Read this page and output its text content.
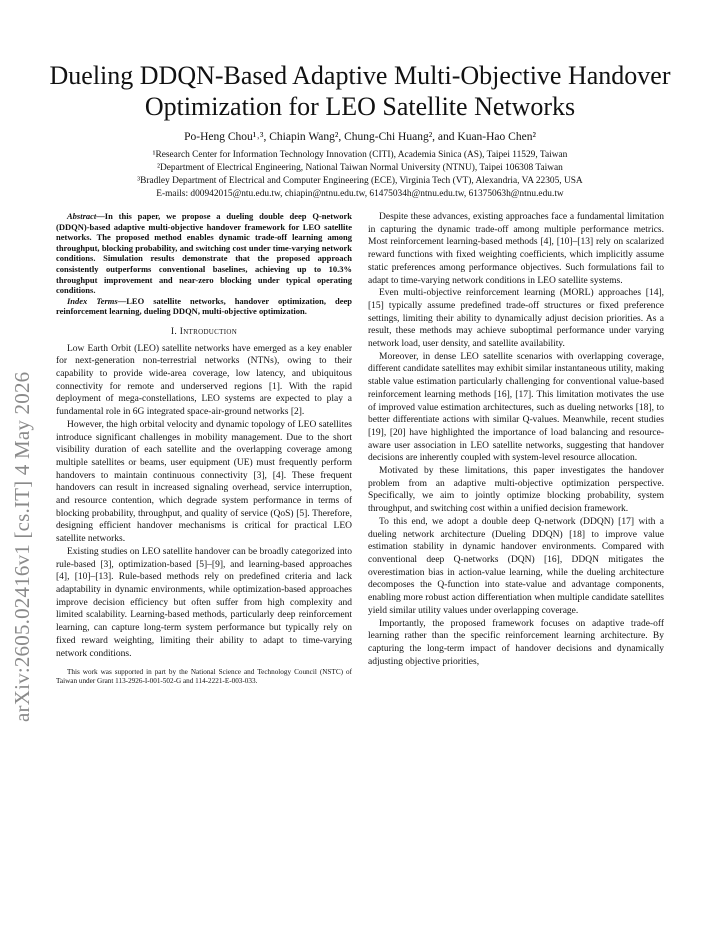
arXiv:2605.02416v1 [cs.IT] 4 May 2026
Dueling DDQN-Based Adaptive Multi-Objective Handover Optimization for LEO Satellite Networks
Po-Heng Chou¹˒³, Chiapin Wang², Chung-Chi Huang², and Kuan-Hao Chen²
¹Research Center for Information Technology Innovation (CITI), Academia Sinica (AS), Taipei 11529, Taiwan
²Department of Electrical Engineering, National Taiwan Normal University (NTNU), Taipei 106308 Taiwan
³Bradley Department of Electrical and Computer Engineering (ECE), Virginia Tech (VT), Alexandria, VA 22305, USA
E-mails: d00942015@ntu.edu.tw, chiapin@ntnu.edu.tw, 61475034h@ntnu.edu.tw, 61375063h@ntnu.edu.tw

Abstract—In this paper, we propose a dueling double deep Q-network (DDQN)-based adaptive multi-objective handover framework for LEO satellite networks. The proposed method enables dynamic trade-off learning among throughput, blocking probability, and switching cost under time-varying network conditions. Simulation results demonstrate that the proposed approach consistently outperforms conventional baselines, achieving up to 10.3% throughput improvement and near-zero blocking under typical operating conditions.

Index Terms—LEO satellite networks, handover optimization, deep reinforcement learning, dueling DDQN, multi-objective optimization.

I. Introduction

Low Earth Orbit (LEO) satellite networks have emerged as a key enabler for next-generation non-terrestrial networks (NTNs), owing to their capability to provide wide-area coverage, low latency, and ubiquitous connectivity for remote and underserved regions [1]. With the rapid deployment of mega-constellations, LEO systems are expected to play a fundamental role in 6G integrated space-air-ground networks [2].

However, the high orbital velocity and dynamic topology of LEO satellites introduce significant challenges in mobility management. Due to the short visibility duration of each satellite and the overlapping coverage among multiple satellites or beams, user equipment (UE) must frequently perform handovers to maintain continuous connectivity [3], [4]. These frequent handovers can result in increased signaling overhead, service interruption, and resource contention, which degrade system performance in terms of blocking probability, throughput, and quality of service (QoS) [5]. Therefore, designing efficient handover mechanisms is critical for practical LEO satellite networks.

Existing studies on LEO satellite handover can be broadly categorized into rule-based [3], optimization-based [5]–[9], and learning-based approaches [4], [10]–[13]. Rule-based methods rely on predefined criteria and lack adaptability in dynamic environments, while optimization-based approaches improve decision efficiency but often suffer from high complexity and limited scalability. Learning-based methods, particularly deep reinforcement learning, can capture long-term system performance but typically rely on fixed reward weighting, limiting their ability to adapt to time-varying network conditions.

This work was supported in part by the National Science and Technology Council (NSTC) of Taiwan under Grant 113-2926-I-001-502-G and 114-2221-E-003-033.

Despite these advances, existing approaches face a fundamental limitation in capturing the dynamic trade-off among multiple performance metrics. Most reinforcement learning-based methods [4], [10]–[13] rely on scalarized reward functions with fixed weighting coefficients, which implicitly assume static preferences among performance objectives. Such formulations fail to adapt to time-varying network conditions in LEO satellite systems.

Even multi-objective reinforcement learning (MORL) approaches [14], [15] typically assume predefined trade-off structures or fixed preference settings, limiting their ability to dynamically adjust decision priorities. As a result, these methods may achieve suboptimal performance under varying network load, user density, and satellite availability.

Moreover, in dense LEO satellite scenarios with overlapping coverage, different candidate satellites may exhibit similar instantaneous utility, making stable value estimation particularly challenging for conventional value-based reinforcement learning methods [16], [17]. This limitation motivates the use of improved value estimation architectures, such as dueling networks [18], to better differentiate actions with similar Q-values. Meanwhile, recent studies [19], [20] have highlighted the importance of load balancing and resource-aware user association in LEO satellite networks, suggesting that handover decisions are inherently coupled with system-level resource allocation.

Motivated by these limitations, this paper investigates the handover problem from an adaptive multi-objective optimization perspective. Specifically, we aim to jointly optimize blocking probability, system throughput, and switching cost within a unified decision framework.

To this end, we adopt a double deep Q-network (DDQN) [17] with a dueling network architecture (Dueling DDQN) [18] to improve value estimation stability in dynamic handover environments. Compared with conventional deep Q-networks (DQN) [16], DDQN mitigates the overestimation bias in action-value learning, while the dueling architecture decomposes the Q-function into state-value and advantage components, enabling more robust action differentiation when multiple candidate satellites yield similar utility values under overlapping coverage.

Importantly, the proposed framework focuses on adaptive trade-off learning rather than the specific reinforcement learning architecture. By capturing the long-term impact of handover decisions and dynamically adjusting objective priorities,
